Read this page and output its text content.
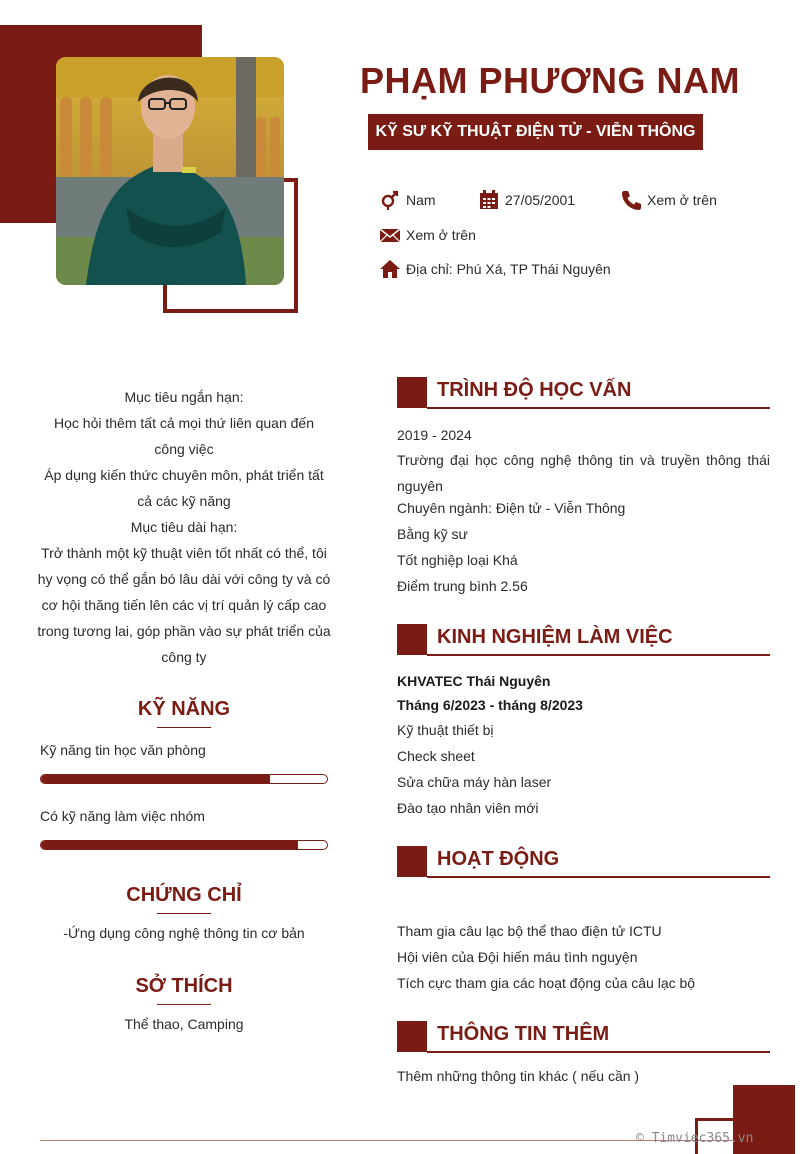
PHẠM PHƯƠNG NAM
KỸ SƯ KỸ THUẬT ĐIỆN TỬ - VIỄN THÔNG
Nam	27/05/2001	Xem ở trên
Xem ở trên
Địa chỉ: Phú Xá, TP Thái Nguyên
Mục tiêu ngắn hạn:
Học hỏi thêm tất cả mọi thứ liên quan đến công việc
Áp dụng kiến thức chuyên môn, phát triển tất cả các kỹ năng
Mục tiêu dài hạn:
Trở thành một kỹ thuật viên tốt nhất có thể, tôi hy vọng có thể gắn bó lâu dài với công ty và có cơ hội thăng tiến lên các vị trí quản lý cấp cao trong tương lai, góp phần vào sự phát triển của công ty
KỸ NĂNG
Kỹ năng tin học văn phòng
Có kỹ năng làm việc nhóm
CHỨNG CHỈ
-Ứng dụng công nghệ thông tin cơ bản
SỞ THÍCH
Thể thao, Camping
TRÌNH ĐỘ HỌC VẤN
2019 - 2024
Trường đại học công nghệ thông tin và truyền thông thái nguyên
Chuyên ngành: Điện tử - Viễn Thông
Bằng kỹ sư
Tốt nghiệp loại Khá
Điểm trung bình 2.56
KINH NGHIỆM LÀM VIỆC
KHVATEC Thái Nguyên
Tháng 6/2023 - tháng 8/2023
Kỹ thuật thiết bị
Check sheet
Sửa chữa máy hàn laser
Đào tạo nhân viên mới
HOẠT ĐỘNG
Tham gia câu lạc bộ thể thao điện tử ICTU
Hội viên của Đội hiến máu tình nguyện
Tích cực tham gia các hoạt động của câu lạc bộ
THÔNG TIN THÊM
Thêm những thông tin khác ( nếu cần )
© Timviec365.vn
